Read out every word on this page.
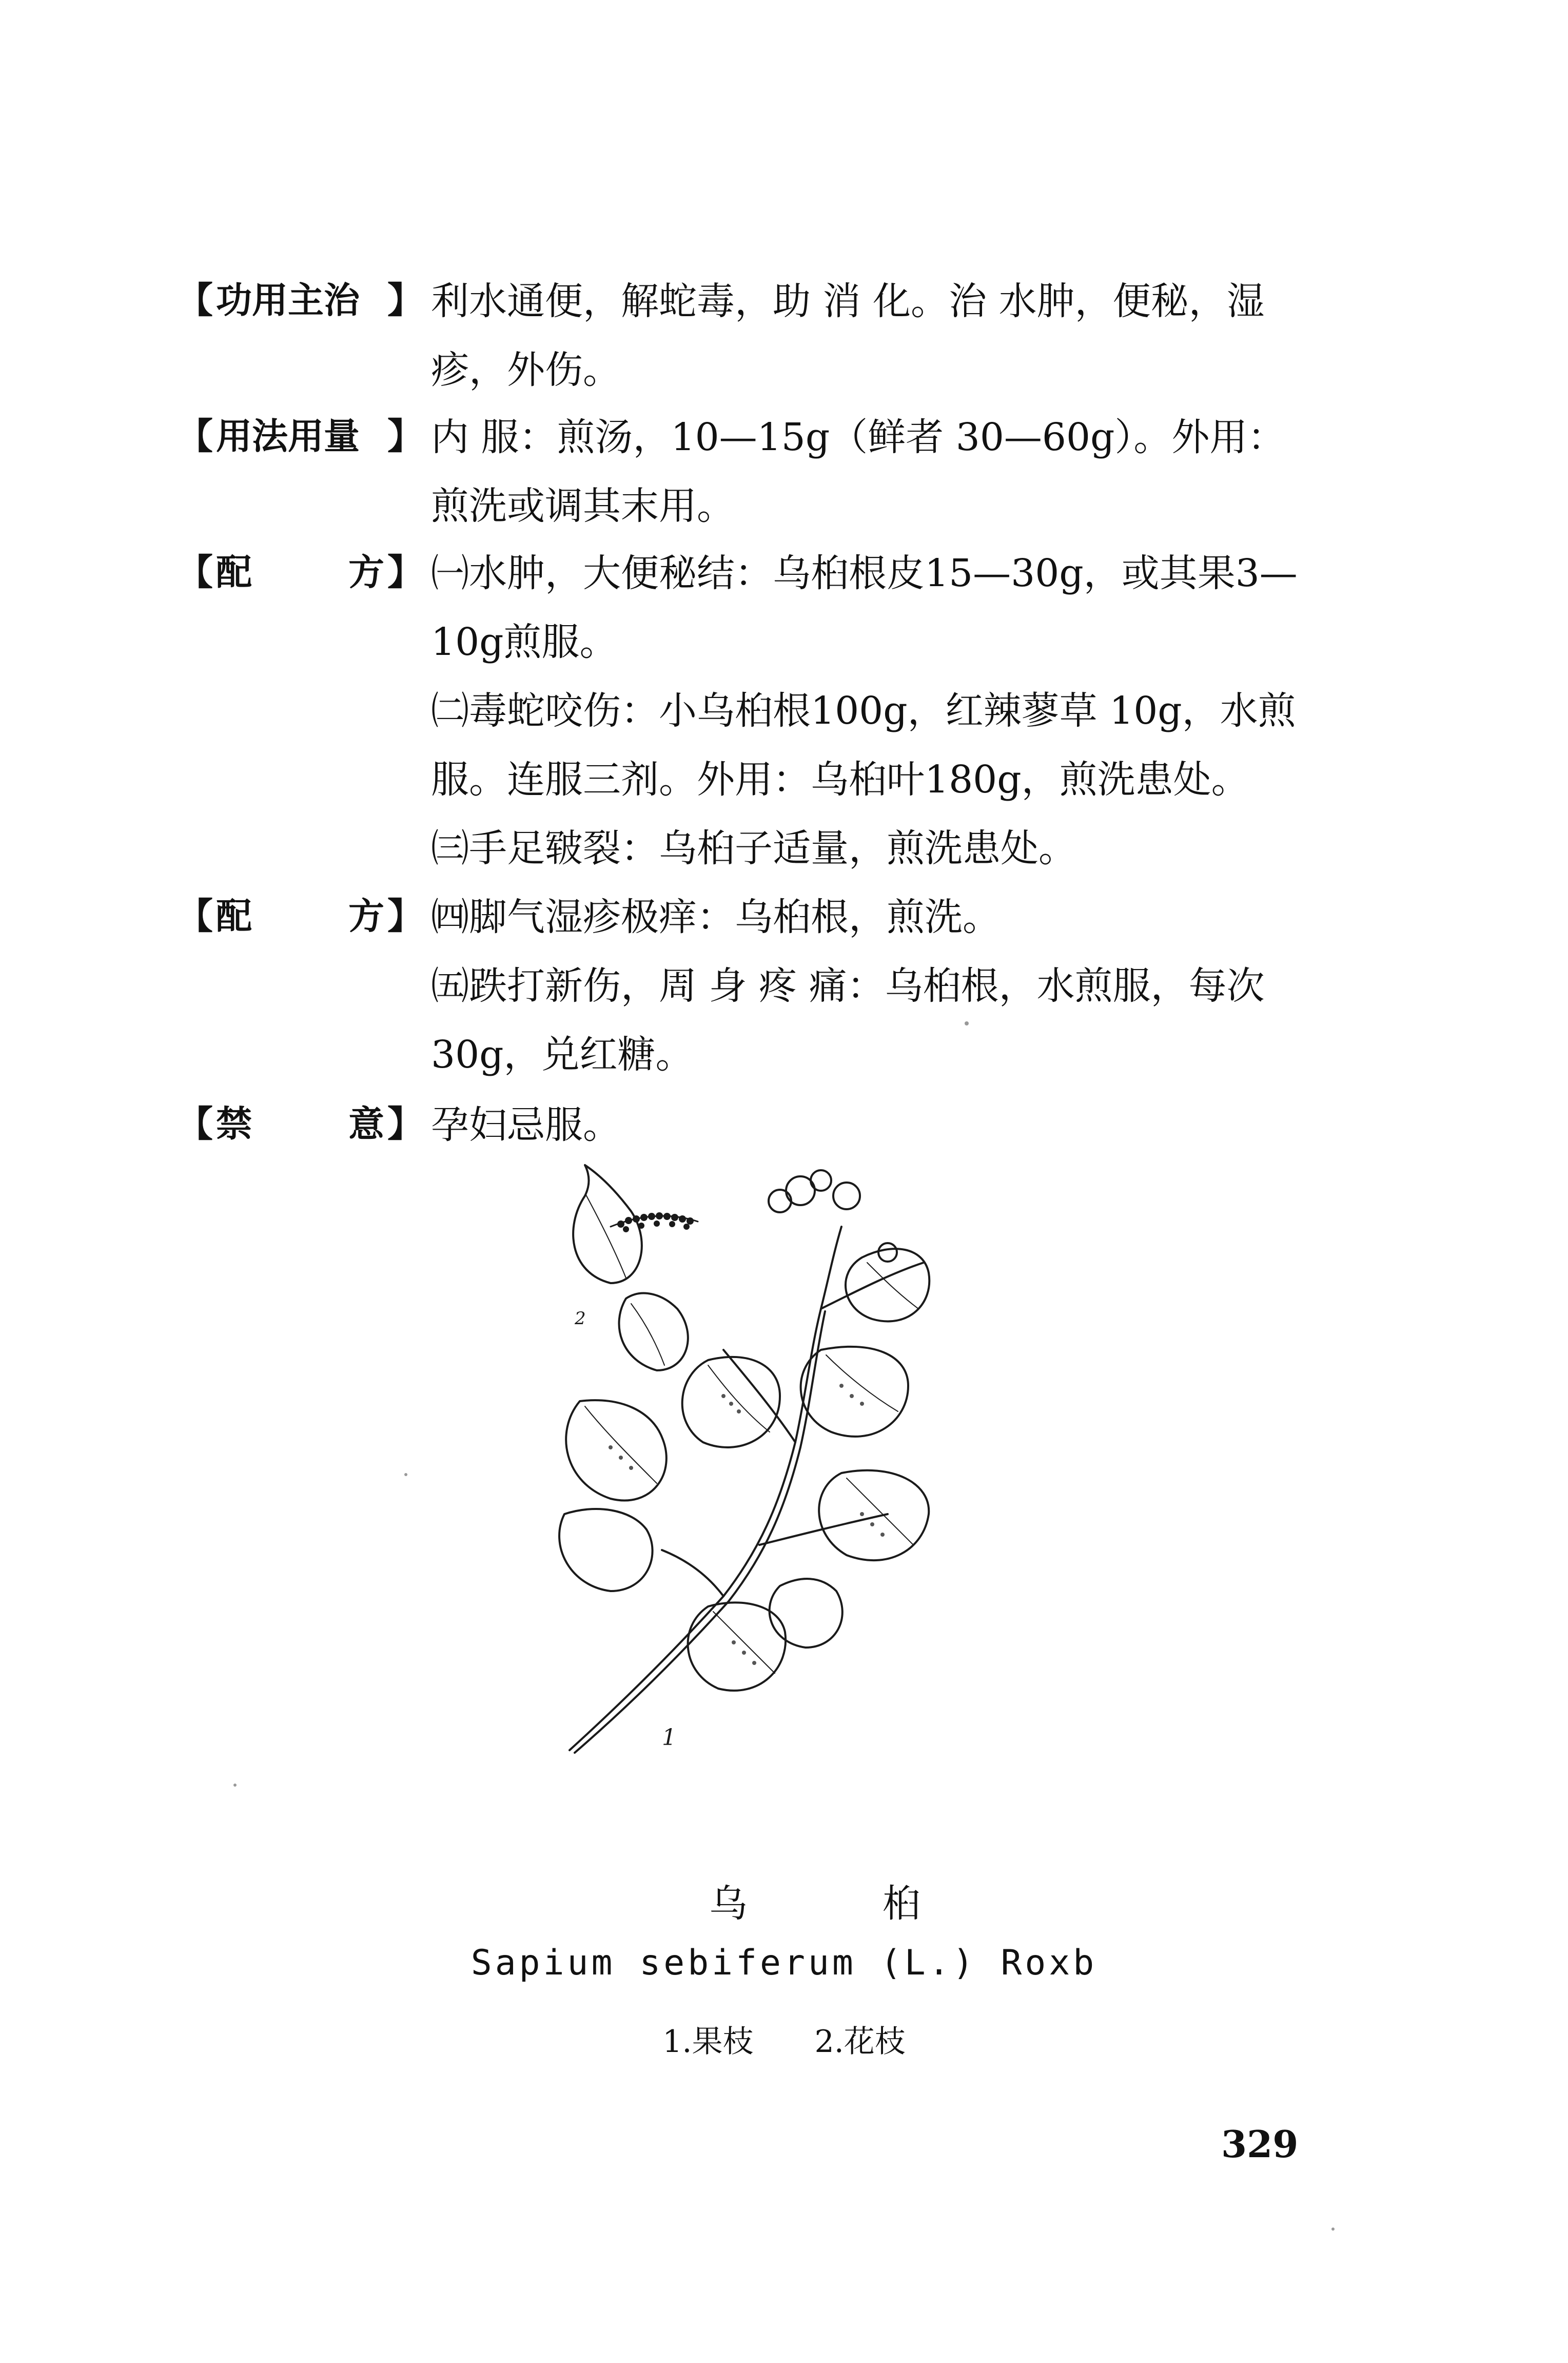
【 功用主治 】 利水通便，解蛇毒，助 消 化。治 水肿，便秘，湿
疹，外伤。
【 用法用量 】 内 服：煎汤，10—15g（鲜者 30—60g）。外用：
煎洗或调其末用。
【 配	方 】 ㈠水肿，大便秘结：乌桕根皮15—30g，或其果3—
10g煎服。
㈡毒蛇咬伤：小乌桕根100g，红辣蓼草 10g，水煎
服。连服三剂。外用：乌桕叶180g，煎洗患处。
㈢手足皲裂：乌桕子适量，煎洗患处。
【 配	方 】 ㈣脚气湿疹极痒：乌桕根，煎洗。
㈤跌打新伤，周 身 疼 痛：乌桕根，水煎服，每次
30g，兑红糖。
【 禁	意 】 孕妇忌服。
2
1
乌 桕
Sapium sebiferum (L.) Roxb
1.果枝 2.花枝
329
